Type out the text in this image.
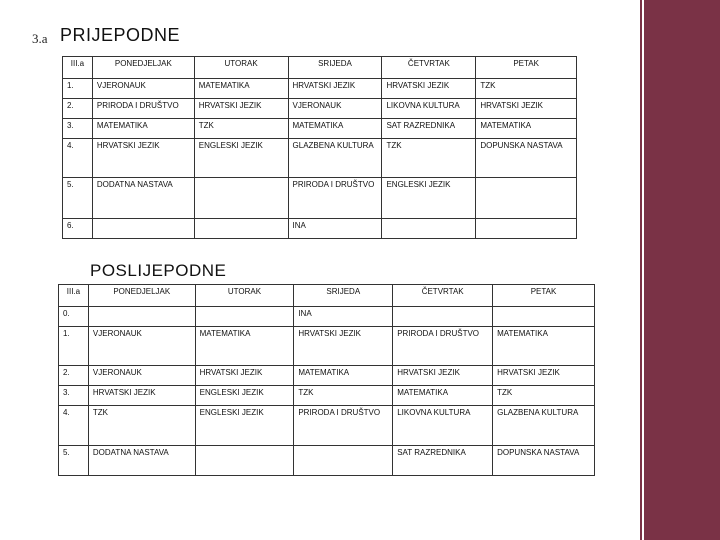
3.a PRIJEPODNE
III.a	PONEDJELJAK	UTORAK	SRIJEDA	ČETVRTAK	PETAK
1.	VJERONAUK	MATEMATIKA	HRVATSKI JEZIK	HRVATSKI JEZIK	TZK
2.	PRIRODA I DRUŠTVO	HRVATSKI JEZIK	VJERONAUK	LIKOVNA KULTURA	HRVATSKI JEZIK
3.	MATEMATIKA	TZK	MATEMATIKA	SAT RAZREDNIKA	MATEMATIKA
4.	HRVATSKI JEZIK	ENGLESKI JEZIK	GLAZBENA KULTURA	TZK	DOPUNSKA NASTAVA
5.	DODATNA NASTAVA		PRIRODA I DRUŠTVO	ENGLESKI JEZIK	
6.			INA		
POSLIJEPODNE
III.a	PONEDJELJAK	UTORAK	SRIJEDA	ČETVRTAK	PETAK
0.			INA		
1.	VJERONAUK	MATEMATIKA	HRVATSKI JEZIK	PRIRODA I DRUŠTVO	MATEMATIKA
2.	VJERONAUK	HRVATSKI JEZIK	MATEMATIKA	HRVATSKI JEZIK	HRVATSKI JEZIK
3.	HRVATSKI JEZIK	ENGLESKI JEZIK	TZK	MATEMATIKA	TZK
4.	TZK	ENGLESKI JEZIK	PRIRODA I DRUŠTVO	LIKOVNA KULTURA	GLAZBENA KULTURA
5.	DODATNA NASTAVA			SAT RAZREDNIKA	DOPUNSKA NASTAVA
